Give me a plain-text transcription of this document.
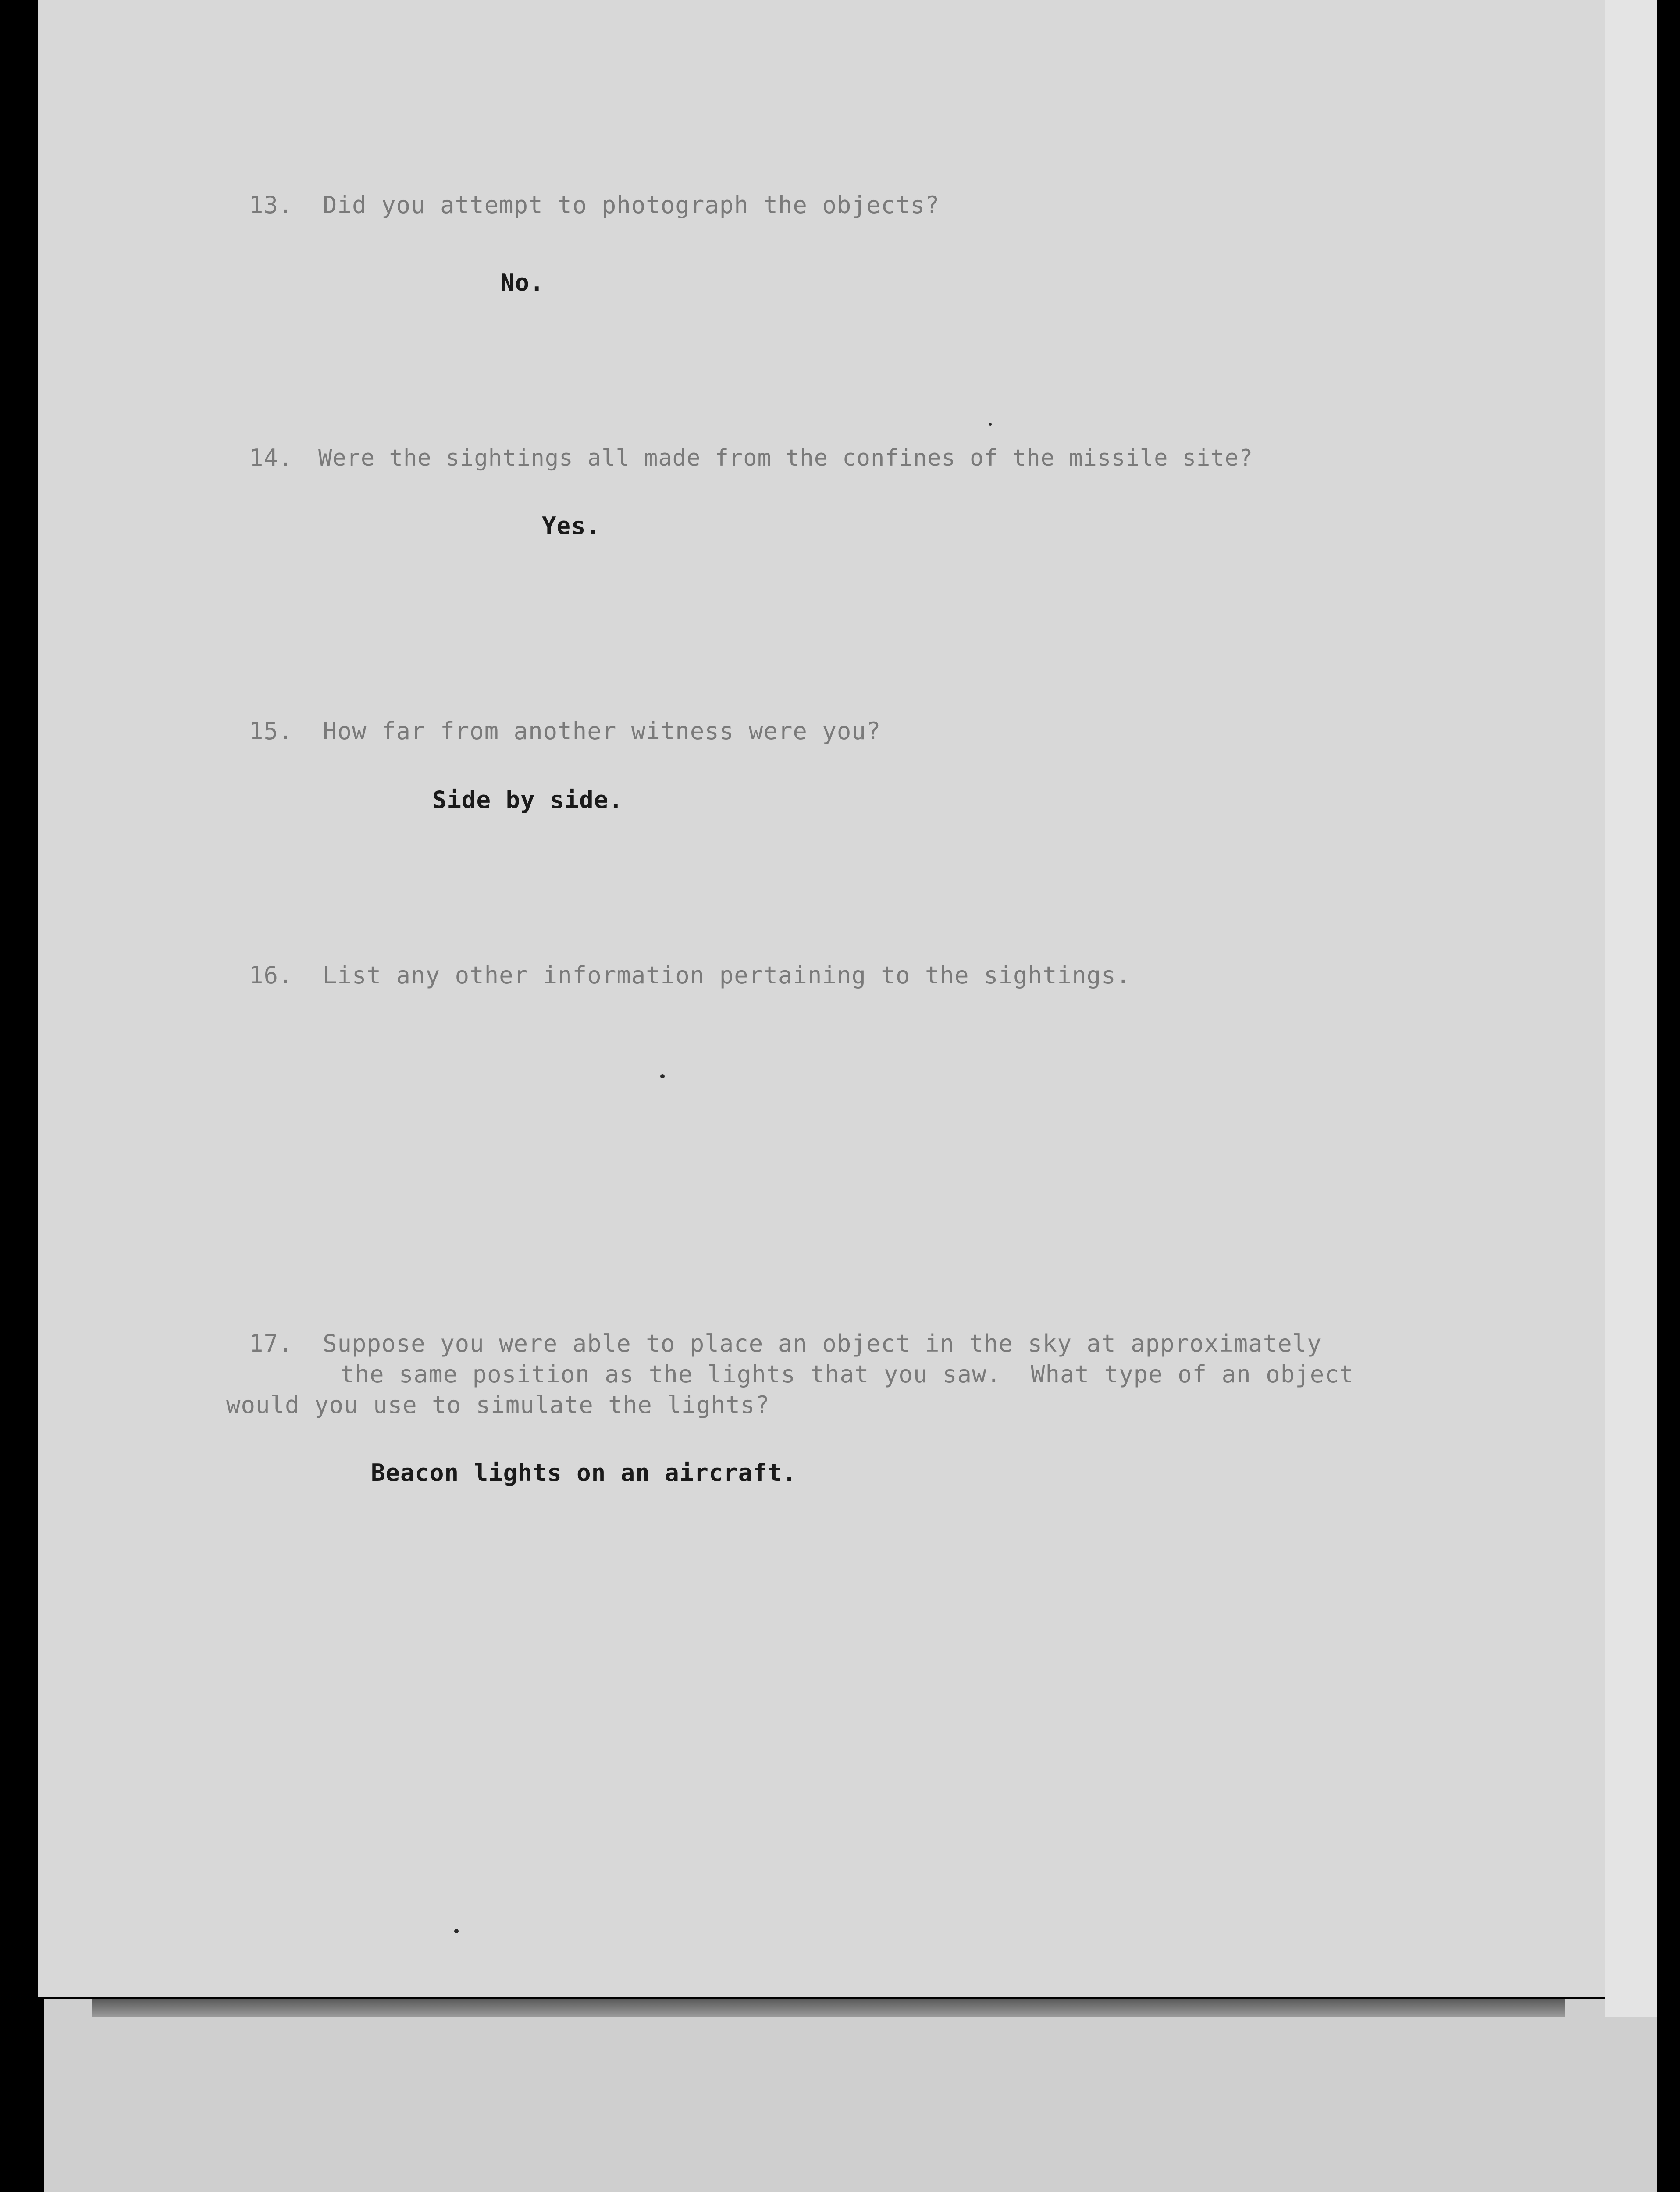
13. Did you attempt to photograph the objects?
No.
14. Were the sightings all made from the confines of the missile site?
Yes.
15. How far from another witness were you?
Side by side.
16. List any other information pertaining to the sightings.
17. Suppose you were able to place an object in the sky at approximately
the same position as the lights that you saw.  What type of an object
would you use to simulate the lights?
Beacon lights on an aircraft.
